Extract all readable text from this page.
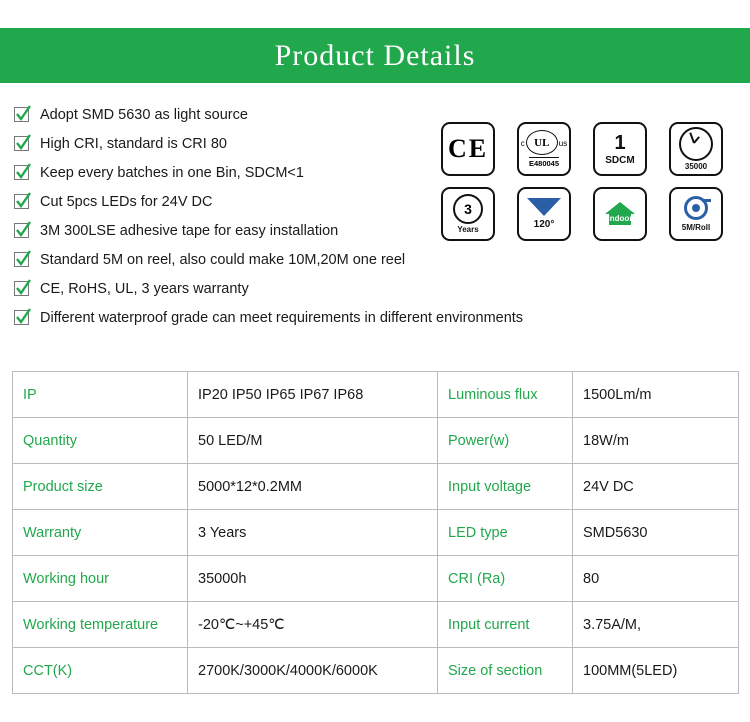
Product Details
Adopt SMD 5630 as light source
High CRI, standard is CRI 80
Keep every batches in one Bin, SDCM<1
Cut 5pcs LEDs for 24V DC
3M 300LSE adhesive tape for easy installation
Standard 5M on reel, also could make 10M,20M one reel
CE, RoHS, UL, 3 years warranty
Different waterproof grade can meet requirements in different environments
CE	c UL	us
E480045
1
SDCM
35000
3
Years	120°
Indoor
5M/Roll
IP	IP20 IP50 IP65 IP67 IP68	Luminous flux	1500Lm/m
Quantity	50 LED/M	Power(w)	18W/m
Product size	5000*12*0.2MM	Input voltage	24V DC
Warranty	3 Years	LED type	SMD5630
Working hour	35000h	CRI (Ra)	80
Working temperature	-20℃~+45℃	Input current	3.75A/M,
CCT(K)	2700K/3000K/4000K/6000K	Size of section	100MM(5LED)
